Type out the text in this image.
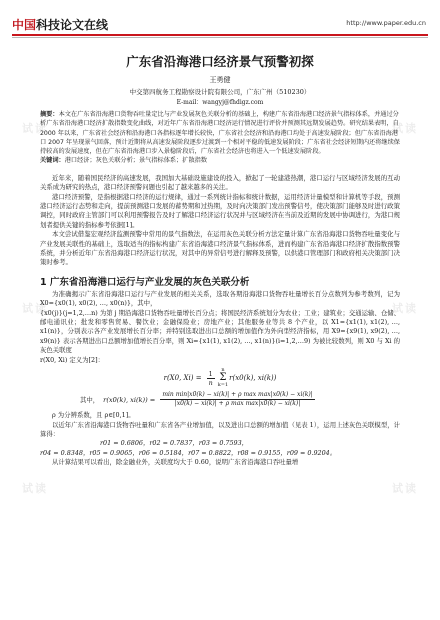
中国科技论文在线	http://www.paper.edu.cn
试读
试读
试读
试读
试读
试读
广东省沿海港口经济景气预警初探
王勇健
中交第四航务工程勘察设计院有限公司，广东广州（510230）
E-mail：wangyj@fhdigz.com

摘要：本文在广东省沿海港口货物吞吐量定比与产业发展灰色关联分析的基础上，构建广东省沿海港口经济景气指标体系，并通过分析广东省沿海港口经济扩散指数变化曲线，对近年广东省沿海港口经济运行情况进行评价并预测其远期发展趋势。研究结果表明，自 2000 年以来，广东省社会经济和沿海港口各指标逐年增长较快，广东省社会经济和沿海港口均处于高速发展阶段；但广东省沿海港口 2007 年呈现景气回落，预计近期将从高速发展阶段逐步过渡到一个相对平稳的低速发展阶段；广东省社会经济短期内还将继续保持较高的发展速度，但在广东省沿海港口步入景稳阶段后，广东省社会经济也将进入一个低速发展阶段。

关键词：港口经济；灰色关联分析；景气指标体系；扩散指数

近年来，随着国民经济的高速发展，我国加大基础设施建设的投入，掀起了一轮建港热潮，港口运行与区域经济发展的互动关系成为研究的热点，港口经济预警问题也引起了越来越多的关注。

港口经济预警，是指根据港口经济的运行规律，通过一系列统计指标和统计数据，运用经济计量模型和计算机等手段，预测港口经济运行态势和走向，提前预测港口发展的蓄势期和过热期，及时向决策部门发出预警信号，使决策部门能够及时进行政策调控，同时政府主管部门可以利用预警报告及时了解港口经济运行状况并与区域经济在当前及近期的发展中协调进行，为港口规划者提供关键的指标参考依据[1]。

本文尝试借鉴宏观经济监测预警中常用的景气指数法，在运用灰色关联分析方法定量计算广东省沿海港口货物吞吐量变化与产业发展关联性的基础上，选取适当的指标构建广东省沿海港口经济景气指标体系，进而构建广东省沿海港口经济扩散指数预警系统，并分析近年广东省沿海港口经济运行状况，对其中的异常信号进行解释及预警，以供港口管理部门和政府相关决策部门决策时参考。

1 广东省沿海港口运行与产业发展的灰色关联分析

为准确揭示广东省沿海港口运行与产业发展的相关关系，选取各期沿海港口货物吞吐量增长百分点数列为参考数列，记为 X0={x0(1), x0(2), …, x0(n)}，其中，

{x0(j)}(j=1,2,…n) 为第 j 期沿海港口货物吞吐量增长百分点；将国民经济系统划分为农业；工业；建筑业；交通运输、仓储、邮电通讯业；批发和零售贸易、餐饮业；金融保险业；房地产业；其他服务业等共 8 个产业，以 X1={x1(1), x1(2), …, x1(n)}，分别表示各产业发展增长百分率；并特别选取进出口总额的增加值作为外向型经济指标，用 X9={x9(1), x9(2), …, x9(n)} 表示各期进出口总额增加值增长百分率，则 Xi={x1(1), x1(2), …, x1(n)}(i=1,2,…9) 为被比较数列，则 X0 与 Xi 的灰色关联度

r(X0, Xi) 定义为[2]：

r(X0, $Xi) = \frac{1}{n}$ n
Σ
k=1
r(x0(k), xi(k))
其中， r(x0(k), $xi(k)) = \frac{\text{min min|x0(k) − xi(k)| + ρ max max|x0(k) − xi(k)|}}{\text{|x0(k) − xi(k)| + ρ max max|x0(k) − xi(k)|}}$

ρ 为分辨系数，且 ρ∈[0,1]。

以近年广东省沿海港口货物吞吐量和广东省各产业增加值，以及进出口总额的增加值（见表 1），运用上述灰色关联模型，计算得：

r01 = 0.6806，r02 = 0.7837，r03 = 0.7593，
r04 = 0.8348，r05 = 0.9065，r06 = 0.5184，r07 = 0.8822，r08 = 0.9155，r09 = 0.9204。

从计算结果可以看出，除金融业外，关联度均大于 0.60，说明广东省沿海港口吞吐量增
